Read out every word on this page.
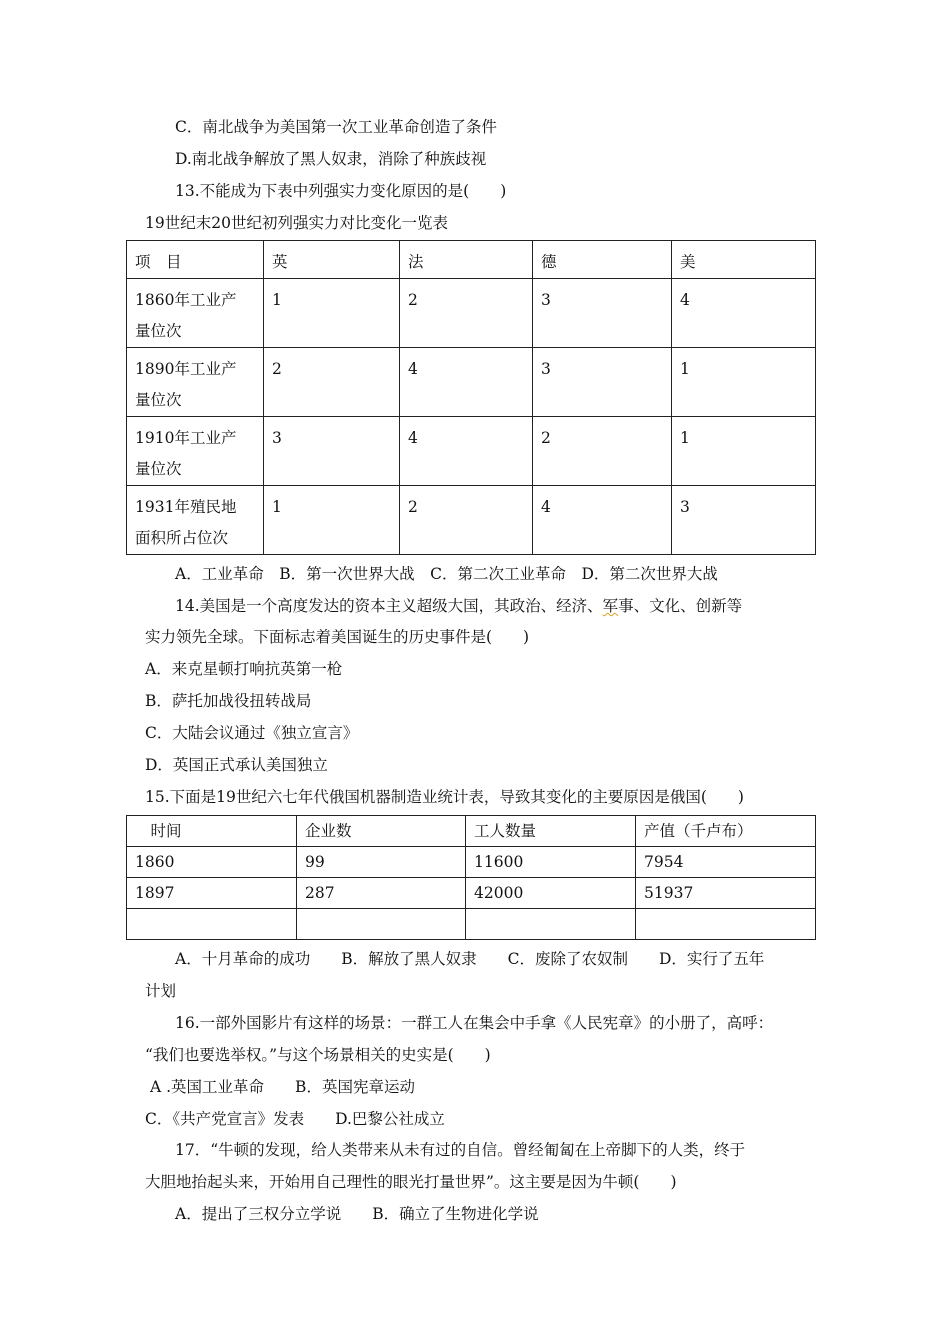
C．南北战争为美国第一次工业革命创造了条件
D.南北战争解放了黑人奴隶，消除了种族歧视
13.不能成为下表中列强实力变化原因的是(　　)
19世纪末20世纪初列强实力对比变化一览表
项　目	英	法	德	美
1860年工业产
量位次	1	2	3	4
1890年工业产
量位次	2	4	3	1
1910年工业产
量位次	3	4	2	1
1931年殖民地
面积所占位次	1	2	4	3
A．工业革命　B．第一次世界大战　C．第二次工业革命　D．第二次世界大战
14.美国是一个高度发达的资本主义超级大国，其政治、经济、军事、文化、创新等
实力领先全球。下面标志着美国诞生的历史事件是(　　)
A．来克星顿打响抗英第一枪
B．萨托加战役扭转战局
C．大陆会议通过《独立宣言》
D．英国正式承认美国独立
15.下面是19世纪六七年代俄国机器制造业统计表，导致其变化的主要原因是俄国(　　)
　时间	企业数	工人数量	产值（千卢布）
1860	99	11600	7954
1897	287	42000	51937

A．十月革命的成功　　B．解放了黑人奴隶　　C．废除了农奴制　　D．实行了五年
计划
16.一部外国影片有这样的场景：一群工人在集会中手拿《人民宪章》的小册了，高呼：
“我们也要选举权。”与这个场景相关的史实是(　　)
A .英国工业革命　　B．英国宪章运动
C．《共产党宣言》发表　　D.巴黎公社成立
17．“牛顿的发现，给人类带来从未有过的自信。曾经匍匐在上帝脚下的人类，终于
大胆地抬起头来，开始用自己理性的眼光打量世界”。这主要是因为牛顿(　　)
A．提出了三权分立学说　　B．确立了生物进化学说
